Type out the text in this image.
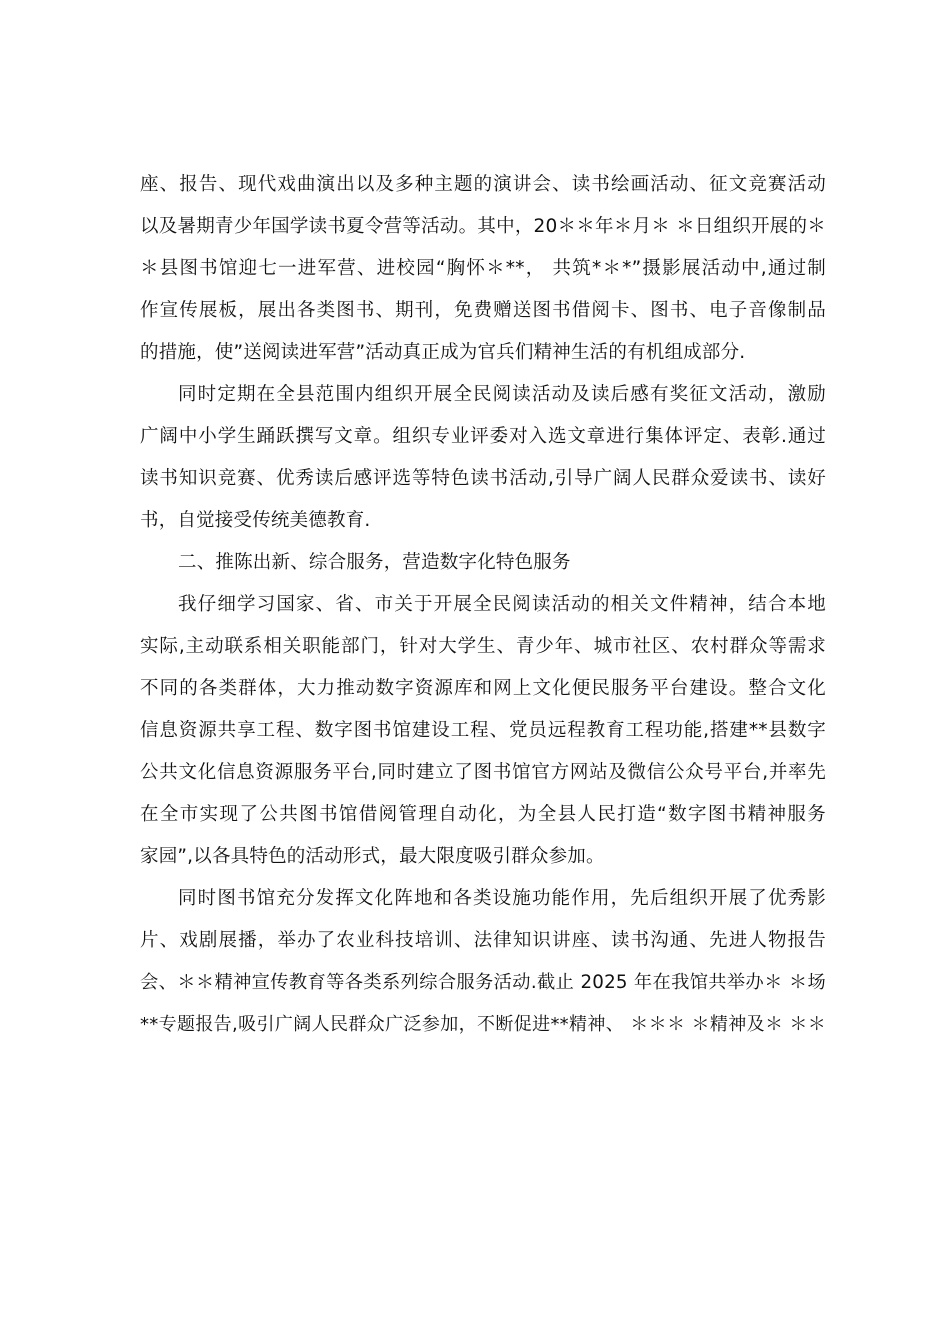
座、报告、现代戏曲演出以及多种主题的演讲会、读书绘画活动、征文竞赛活动
以及暑期青少年国学读书夏令营等活动。其中，20＊＊年＊月＊ ＊日组织开展的＊
＊县图书馆迎七一进军营、进校园“胸怀＊**， 共筑*＊*”摄影展活动中,通过制
作宣传展板，展出各类图书、期刊，免费赠送图书借阅卡、图书、电子音像制品
的措施，使”送阅读进军营”活动真正成为官兵们精神生活的有机组成部分.
同时定期在全县范围内组织开展全民阅读活动及读后感有奖征文活动，激励
广阔中小学生踊跃撰写文章。组织专业评委对入选文章进行集体评定、表彰.通过
读书知识竞赛、优秀读后感评选等特色读书活动,引导广阔人民群众爱读书、读好
书，自觉接受传统美德教育.
二、推陈出新、综合服务，营造数字化特色服务
我仔细学习国家、省、市关于开展全民阅读活动的相关文件精神，结合本地
实际,主动联系相关职能部门，针对大学生、青少年、城市社区、农村群众等需求
不同的各类群体，大力推动数字资源库和网上文化便民服务平台建设。整合文化
信息资源共享工程、数字图书馆建设工程、党员远程教育工程功能,搭建**县数字
公共文化信息资源服务平台,同时建立了图书馆官方网站及微信公众号平台,并率先
在全市实现了公共图书馆借阅管理自动化，为全县人民打造“数字图书精神服务
家园”,以各具特色的活动形式，最大限度吸引群众参加。
同时图书馆充分发挥文化阵地和各类设施功能作用，先后组织开展了优秀影
片、戏剧展播，举办了农业科技培训、法律知识讲座、读书沟通、先进人物报告
会、＊＊精神宣传教育等各类系列综合服务活动.截止 2025 年在我馆共举办＊ ＊场
**专题报告,吸引广阔人民群众广泛参加，不断促进**精神、 ＊＊＊ ＊精神及＊ ＊＊
